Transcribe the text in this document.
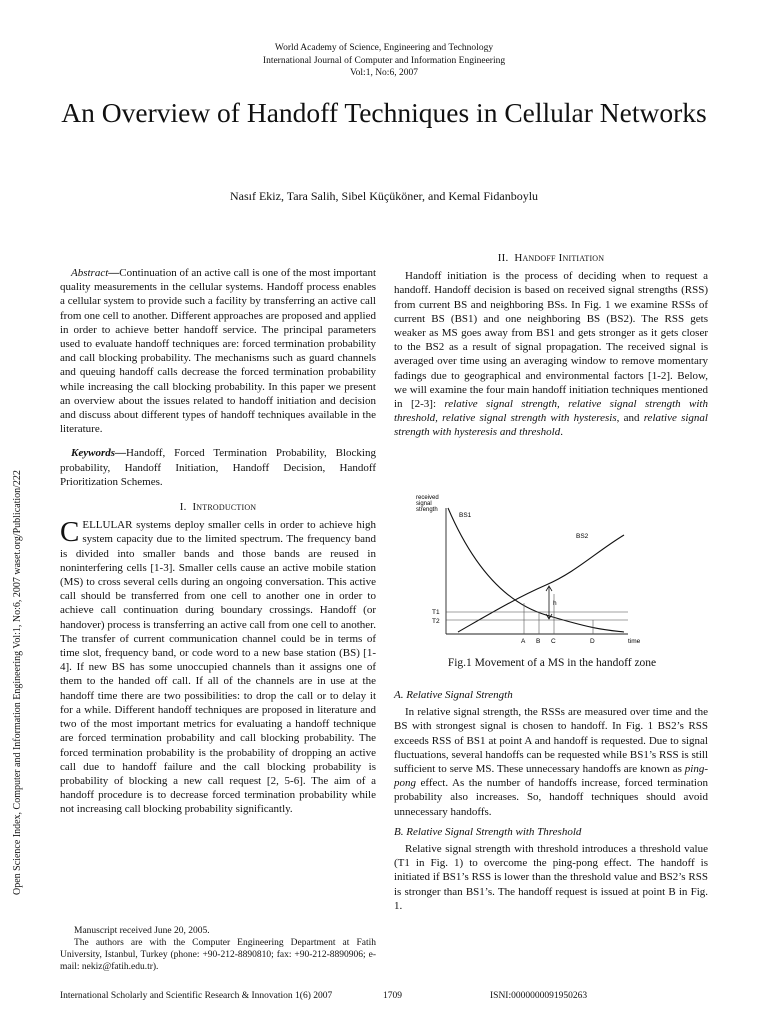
World Academy of Science, Engineering and Technology
International Journal of Computer and Information Engineering
Vol:1, No:6, 2007
An Overview of Handoff Techniques in Cellular Networks
Nasıf Ekiz, Tara Salih, Sibel Küçüköner, and Kemal Fidanboylu
Open Science Index, Computer and Information Engineering Vol:1, No:6, 2007 waset.org/Publication/222

Abstract—Continuation of an active call is one of the most important quality measurements in the cellular systems. Handoff process enables a cellular system to provide such a facility by transferring an active call from one cell to another. Different approaches are proposed and applied in order to achieve better handoff service. The principal parameters used to evaluate handoff techniques are: forced termination probability and call blocking probability. The mechanisms such as guard channels and queuing handoff calls decrease the forced termination probability while increasing the call blocking probability. In this paper we present an overview about the issues related to handoff initiation and decision and discuss about different types of handoff techniques available in the literature.

Keywords—Handoff, Forced Termination Probability, Blocking probability, Handoff Initiation, Handoff Decision, Handoff Prioritization Schemes.

I. Introduction

CELLULAR systems deploy smaller cells in order to achieve high system capacity due to the limited spectrum. The frequency band is divided into smaller bands and those bands are reused in noninterfering cells [1-3]. Smaller cells cause an active mobile station (MS) to cross several cells during an ongoing conversation. This active call should be transferred from one cell to another one in order to achieve call continuation during boundary crossings. Handoff (or handover) process is transferring an active call from one cell to another. The transfer of current communication channel could be in terms of time slot, frequency band, or code word to a new base station (BS) [1-4]. If new BS has some unoccupied channels than it assigns one of them to the handed off call. If all of the channels are in use at the handoff time there are two possibilities: to drop the call or to delay it for a while. Different handoff techniques are proposed in literature and two of the most important metrics for evaluating a handoff technique are forced termination probability and call blocking probability. The forced termination probability is the probability of dropping an active call due to handoff failure and the call blocking probability is probability of blocking a new call request [2, 5-6]. The aim of a handoff procedure is to decrease forced termination probability while not increasing call blocking probability significantly.

Manuscript received June 20, 2005.
The authors are with the Computer Engineering Department at Fatih University, Istanbul, Turkey (phone: +90-212-8890810; fax: +90-212-8890906; e-mail: nekiz@fatih.edu.tr).
II. Handoff Initiation

Handoff initiation is the process of deciding when to request a handoff. Handoff decision is based on received signal strengths (RSS) from current BS and neighboring BSs. In Fig. 1 we examine RSSs of current BS (BS1) and one neighboring BS (BS2). The RSS gets weaker as MS goes away from BS1 and gets stronger as it gets closer to the BS2 as a result of signal propagation. The received signal is averaged over time using an averaging window to remove momentary fadings due to geographical and environmental factors [1-2]. Below, we will examine the four main handoff initiation techniques mentioned in [2-3]: relative signal strength, relative signal strength with threshold, relative signal strength with hysteresis, and relative signal strength with hysteresis and threshold.

received
signal
strength
BS1
BS2
T1
T2
h
A B C	D	time
Fig.1 Movement of a MS in the handoff zone
A. Relative Signal Strength

In relative signal strength, the RSSs are measured over time and the BS with strongest signal is chosen to handoff. In Fig. 1 BS2’s RSS exceeds RSS of BS1 at point A and handoff is requested. Due to signal fluctuations, several handoffs can be requested while BS1’s RSS is still sufficient to serve MS. These unnecessary handoffs are known as ping-pong effect. As the number of handoffs increase, forced termination probability also increases. So, handoff techniques should avoid unnecessary handoffs.

B. Relative Signal Strength with Threshold

Relative signal strength with threshold introduces a threshold value (T1 in Fig. 1) to overcome the ping-pong effect. The handoff is initiated if BS1’s RSS is lower than the threshold value and BS2’s RSS is stronger than BS1’s. The handoff request is issued at point B in Fig. 1.

International Scholarly and Scientific Research & Innovation 1(6) 2007	1709	ISNI:0000000091950263
